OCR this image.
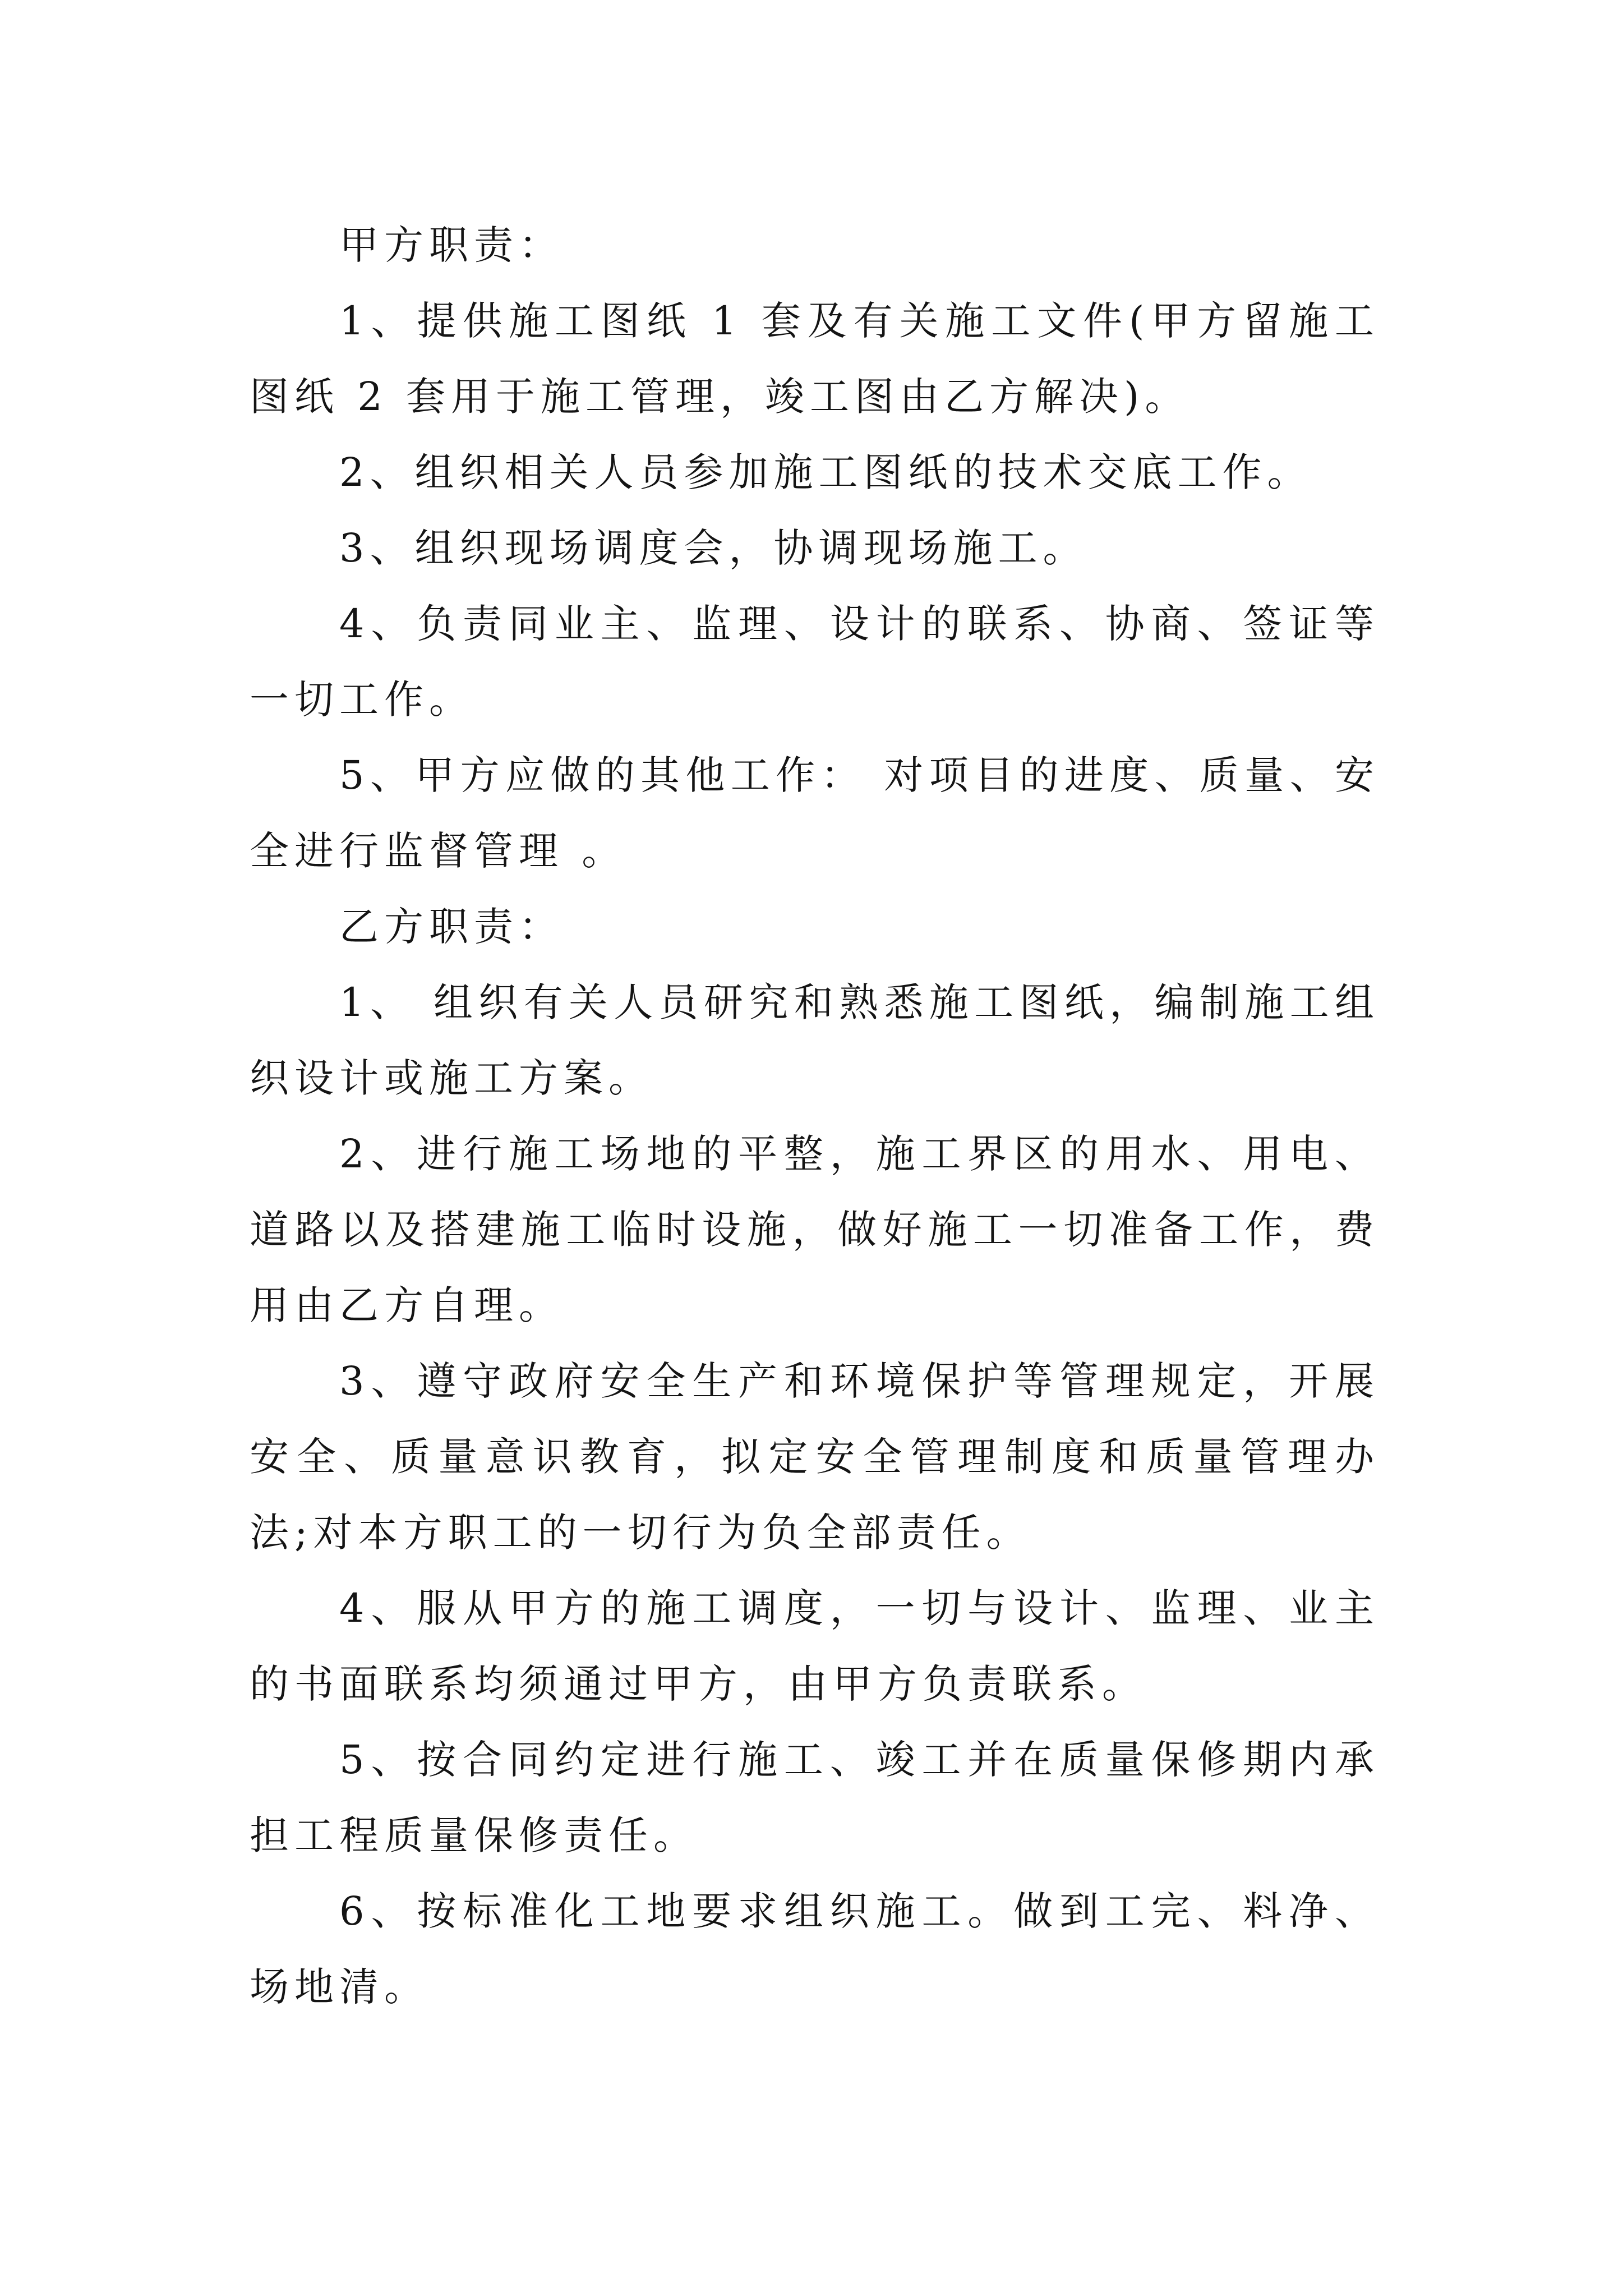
甲方职责：

1、提供施工图纸 1 套及有关施工文件(甲方留施工图纸 2 套用于施工管理，竣工图由乙方解决)。

2、组织相关人员参加施工图纸的技术交底工作。

3、组织现场调度会，协调现场施工。

4、负责同业主、监理、设计的联系、协商、签证等一切工作。

5、甲方应做的其他工作： 对项目的进度、质量、安全进行监督管理 。

乙方职责：

1、 组织有关人员研究和熟悉施工图纸，编制施工组织设计或施工方案。

2、进行施工场地的平整，施工界区的用水、用电、道路以及搭建施工临时设施，做好施工一切准备工作，费用由乙方自理。

3、遵守政府安全生产和环境保护等管理规定，开展安全、质量意识教育，拟定安全管理制度和质量管理办法;对本方职工的一切行为负全部责任。

4、服从甲方的施工调度，一切与设计、监理、业主的书面联系均须通过甲方，由甲方负责联系。

5、按合同约定进行施工、竣工并在质量保修期内承担工程质量保修责任。

6、按标准化工地要求组织施工。做到工完、料净、场地清。
